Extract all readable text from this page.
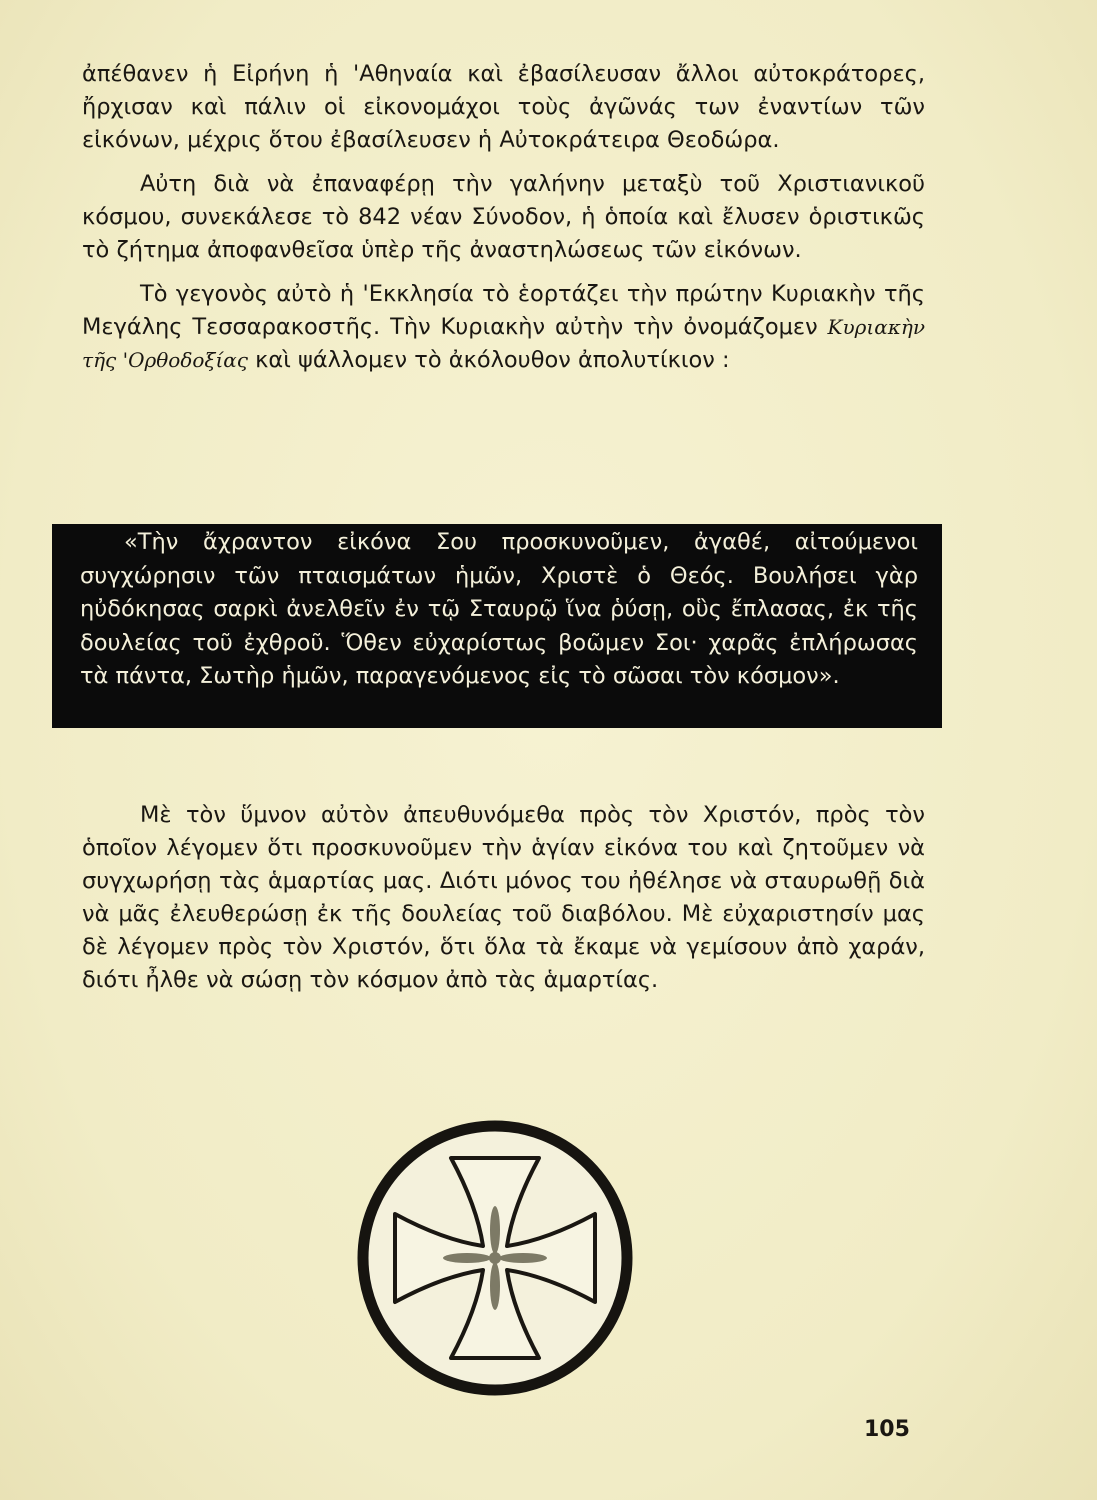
ἀπέθανεν ἡ Εἰρήνη ἡ 'Αθηναία καὶ ἐβασίλευσαν ἄλλοι αὐτοκράτορες, ἤρχισαν καὶ πάλιν οἱ εἰκονομάχοι τοὺς ἀγῶνάς των ἐναντίων τῶν εἰκόνων, μέχρις ὅτου ἐβασίλευσεν ἡ Αὐτοκράτειρα Θεοδώρα.

Αὐτη διὰ νὰ ἐπαναφέρῃ τὴν γαλήνην μεταξὺ τοῦ Χριστιανικοῦ κόσμου, συνεκάλεσε τὸ 842 νέαν Σύνοδον, ἡ ὁποία καὶ ἔλυσεν ὁριστικῶς τὸ ζήτημα ἀποφανθεῖσα ὑπὲρ τῆς ἀναστηλώσεως τῶν εἰκόνων.

Τὸ γεγονὸς αὐτὸ ἡ 'Εκκλησία τὸ ἑορτάζει τὴν πρώτην Κυριακὴν τῆς Μεγάλης Τεσσαρακοστῆς. Τὴν Κυριακὴν αὐτὴν τὴν ὀνομάζομεν Κυριακὴν τῆς 'Ορθοδοξίας καὶ ψάλλομεν τὸ ἀκόλουθον ἀπολυτίκιον :

«Τὴν ἄχραντον εἰκόνα Σου προσκυνοῦμεν, ἀγαθέ, αἰτούμενοι συγχώρησιν τῶν πταισμάτων ἡμῶν, Χριστὲ ὁ Θεός. Βουλήσει γὰρ ηὐδόκησας σαρκὶ ἀνελθεῖν ἐν τῷ Σταυρῷ ἵνα ῥύσῃ, οὓς ἔπλασας, ἐκ τῆς δουλείας τοῦ ἐχθροῦ. Ὅθεν εὐχαρίστως βοῶμεν Σοι· χαρᾶς ἐπλήρωσας τὰ πάντα, Σωτὴρ ἡμῶν, παραγενόμενος εἰς τὸ σῶσαι τὸν κόσμον».

Μὲ τὸν ὕμνον αὐτὸν ἀπευθυνόμεθα πρὸς τὸν Χριστόν, πρὸς τὸν ὁποῖον λέγομεν ὅτι προσκυνοῦμεν τὴν ἁγίαν εἰκόνα του καὶ ζητοῦμεν νὰ συγχωρήσῃ τὰς ἁμαρτίας μας. Διότι μόνος του ἠθέλησε νὰ σταυρωθῇ διὰ νὰ μᾶς ἐλευθερώσῃ ἐκ τῆς δουλείας τοῦ διαβόλου. Μὲ εὐχαριστησίν μας δὲ λέγομεν πρὸς τὸν Χριστόν, ὅτι ὅλα τὰ ἔκαμε νὰ γεμίσουν ἀπὸ χαράν, διότι ἦλθε νὰ σώσῃ τὸν κόσμον ἀπὸ τὰς ἁμαρτίας.

105
